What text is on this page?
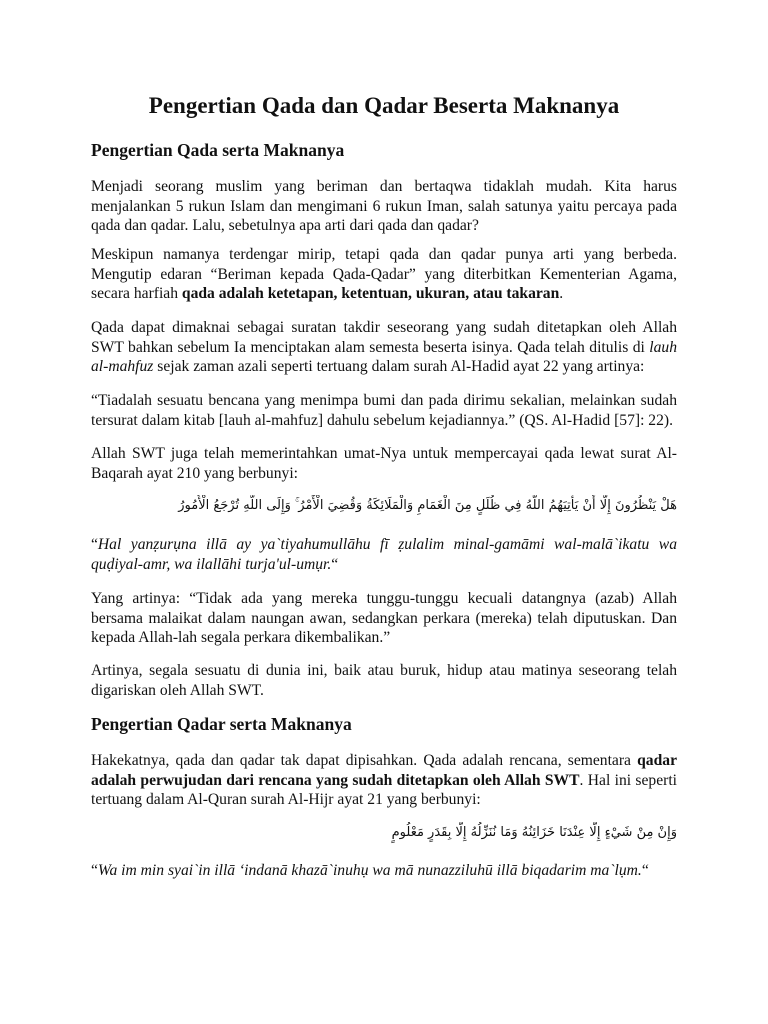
Pengertian Qada dan Qadar Beserta Maknanya
Pengertian Qada serta Maknanya

Menjadi seorang muslim yang beriman dan bertaqwa tidaklah mudah. Kita harus menjalankan 5 rukun Islam dan mengimani 6 rukun Iman, salah satunya yaitu percaya pada qada dan qadar. Lalu, sebetulnya apa arti dari qada dan qadar?

Meskipun namanya terdengar mirip, tetapi qada dan qadar punya arti yang berbeda. Mengutip edaran “Beriman kepada Qada-Qadar” yang diterbitkan Kementerian Agama, secara harfiah qada adalah ketetapan, ketentuan, ukuran, atau takaran.

Qada dapat dimaknai sebagai suratan takdir seseorang yang sudah ditetapkan oleh Allah SWT bahkan sebelum Ia menciptakan alam semesta beserta isinya. Qada telah ditulis di lauh al-mahfuz sejak zaman azali seperti tertuang dalam surah Al-Hadid ayat 22 yang artinya:

“Tiadalah sesuatu bencana yang menimpa bumi dan pada dirimu sekalian, melainkan sudah tersurat dalam kitab [lauh al-mahfuz] dahulu sebelum kejadiannya.” (QS. Al-Hadid [57]: 22).

Allah SWT juga telah memerintahkan umat-Nya untuk mempercayai qada lewat surat Al-Baqarah ayat 210 yang berbunyi:

هَلْ يَنْظُرُونَ إِلَّا أَنْ يَأْتِيَهُمُ اللَّهُ فِي ظُلَلٍ مِنَ الْغَمَامِ وَالْمَلَائِكَةُ وَقُضِيَ الْأَمْرُ ۚ وَإِلَى اللَّهِ تُرْجَعُ الْأُمُورُ

“Hal yanẓurụna illā ay ya`tiyahumullāhu fī ẓulalim minal-gamāmi wal-malā`ikatu wa quḍiyal-amr, wa ilallāhi turja'ul-umụr.“

Yang artinya: “Tidak ada yang mereka tunggu-tunggu kecuali datangnya (azab) Allah bersama malaikat dalam naungan awan, sedangkan perkara (mereka) telah diputuskan. Dan kepada Allah-lah segala perkara dikembalikan.”

Artinya, segala sesuatu di dunia ini, baik atau buruk, hidup atau matinya seseorang telah digariskan oleh Allah SWT.

Pengertian Qadar serta Maknanya

Hakekatnya, qada dan qadar tak dapat dipisahkan. Qada adalah rencana, sementara qadar adalah perwujudan dari rencana yang sudah ditetapkan oleh Allah SWT. Hal ini seperti tertuang dalam Al-Quran surah Al-Hijr ayat 21 yang berbunyi:

وَإِنْ مِنْ شَيْءٍ إِلَّا عِنْدَنَا خَزَائِنُهُ وَمَا نُنَزِّلُهُ إِلَّا بِقَدَرٍ مَعْلُومٍ

“Wa im min syai`in illā ‘indanā khazā`inuhụ wa mā nunazziluhū illā biqadarim ma`lụm.“
